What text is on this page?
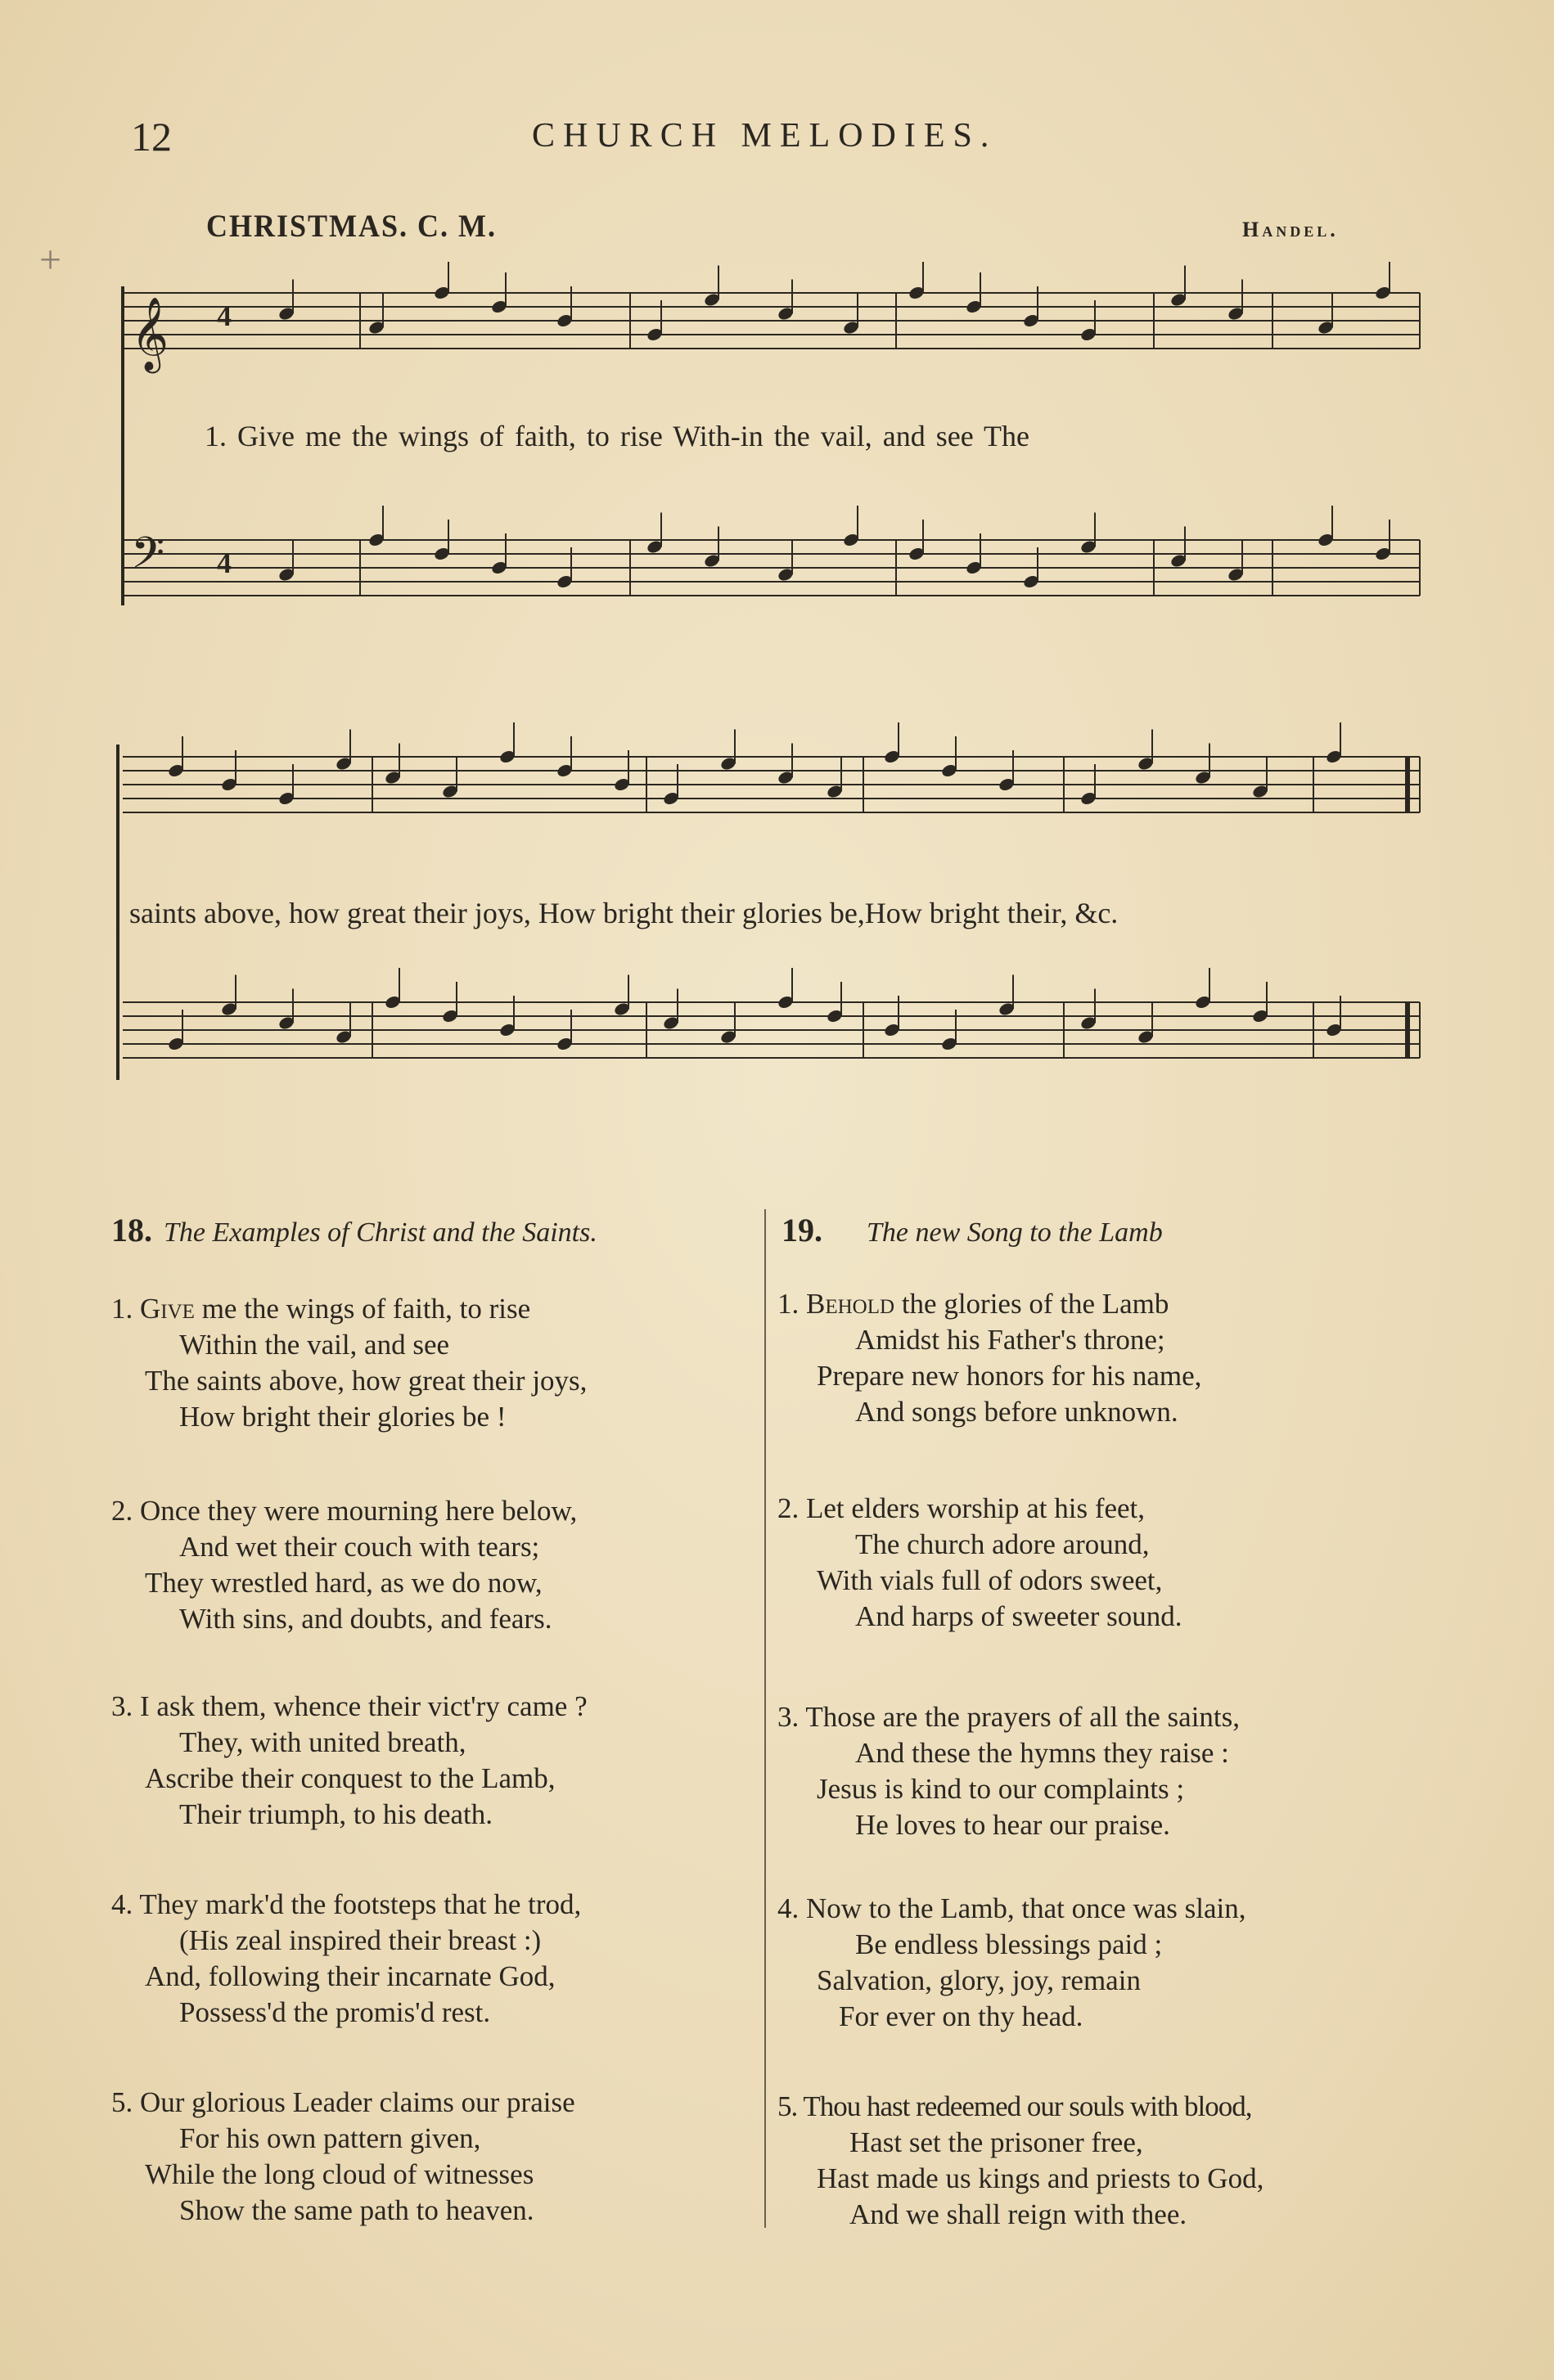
12	CHURCH MELODIES.
+
CHRISTMAS. C. M.	Handel.
𝄞
𝄢
4
4
1. Give me the wings of faith, to rise With-in the vail, and see The
saints above, how great their joys, How bright their glories be,How bright their, &c.
18. The Examples of Christ and the Saints.	19. The new Song to the Lamb
1. Give me the wings of faith, to rise
Within the vail, and see
The saints above, how great their joys,
How bright their glories be !
2. Once they were mourning here below,
And wet their couch with tears;
They wrestled hard, as we do now,
With sins, and doubts, and fears.
3. I ask them, whence their vict'ry came ?
They, with united breath,
Ascribe their conquest to the Lamb,
Their triumph, to his death.
4. They mark'd the footsteps that he trod,
(His zeal inspired their breast :)
And, following their incarnate God,
Possess'd the promis'd rest.
5. Our glorious Leader claims our praise
For his own pattern given,
While the long cloud of witnesses
Show the same path to heaven.
1. Behold the glories of the Lamb
Amidst his Father's throne;
Prepare new honors for his name,
And songs before unknown.
2. Let elders worship at his feet,
The church adore around,
With vials full of odors sweet,
And harps of sweeter sound.
3. Those are the prayers of all the saints,
And these the hymns they raise :
Jesus is kind to our complaints ;
He loves to hear our praise.
4. Now to the Lamb, that once was slain,
Be endless blessings paid ;
Salvation, glory, joy, remain
For ever on thy head.
5. Thou hast redeemed our souls with blood,
Hast set the prisoner free,
Hast made us kings and priests to God,
And we shall reign with thee.
